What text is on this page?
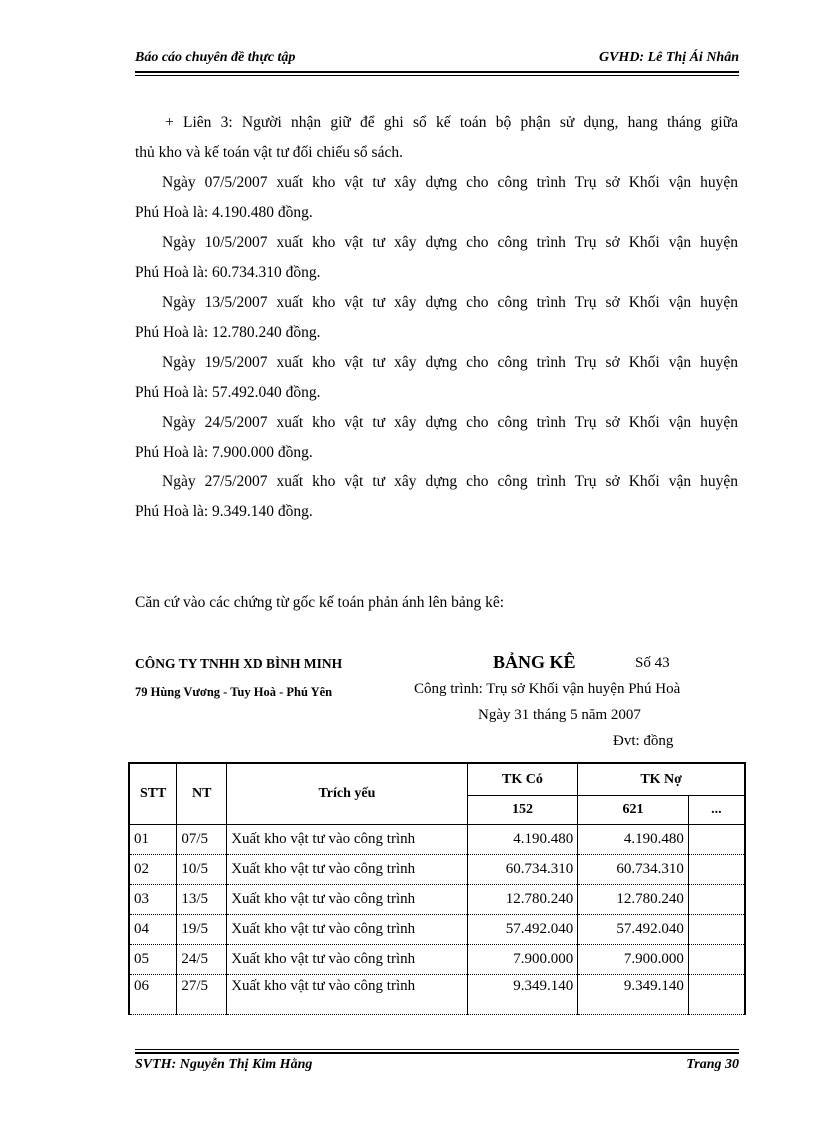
Báo cáo chuyên đề thực tập	GVHD: Lê Thị Ái Nhân
+ Liên 3: Người nhận giữ để ghi sổ kế toán bộ phận sử dụng, hang tháng giữa
thủ kho và kế toán vật tư đối chiếu sổ sách.
Ngày 07/5/2007 xuất kho vật tư xây dựng cho công trình Trụ sở Khối vận huyện
Phú Hoà là: 4.190.480 đồng.
Ngày 10/5/2007 xuất kho vật tư xây dựng cho công trình Trụ sở Khối vận huyện
Phú Hoà là: 60.734.310 đồng.
Ngày 13/5/2007 xuất kho vật tư xây dựng cho công trình Trụ sở Khối vận huyện
Phú Hoà là: 12.780.240 đồng.
Ngày 19/5/2007 xuất kho vật tư xây dựng cho công trình Trụ sở Khối vận huyện
Phú Hoà là: 57.492.040 đồng.
Ngày 24/5/2007 xuất kho vật tư xây dựng cho công trình Trụ sở Khối vận huyện
Phú Hoà là: 7.900.000 đồng.
Ngày 27/5/2007 xuất kho vật tư xây dựng cho công trình Trụ sở Khối vận huyện
Phú Hoà là: 9.349.140 đồng.
Căn cứ vào các chứng từ gốc kế toán phản ánh lên bảng kê:
CÔNG TY TNHH XD BÌNH MINH
79 Hùng Vương - Tuy Hoà - Phú Yên
BẢNG KÊ	Số 43
Công trình: Trụ sở Khối vận huyện Phú Hoà
Ngày 31 tháng 5 năm 2007
Đvt: đồng
STT	NT	Trích yếu	TK Có	TK Nợ	
			152	621	...
01	07/5	Xuất kho vật tư vào công trình	4.190.480	4.190.480	
02	10/5	Xuất kho vật tư vào công trình	60.734.310	60.734.310	
03	13/5	Xuất kho vật tư vào công trình	12.780.240	12.780.240	
04	19/5	Xuất kho vật tư vào công trình	57.492.040	57.492.040	
05	24/5	Xuất kho vật tư vào công trình	7.900.000	7.900.000	
06	27/5	Xuất kho vật tư vào công trình	9.349.140	9.349.140	
SVTH: Nguyễn Thị Kim Hằng	Trang 30
